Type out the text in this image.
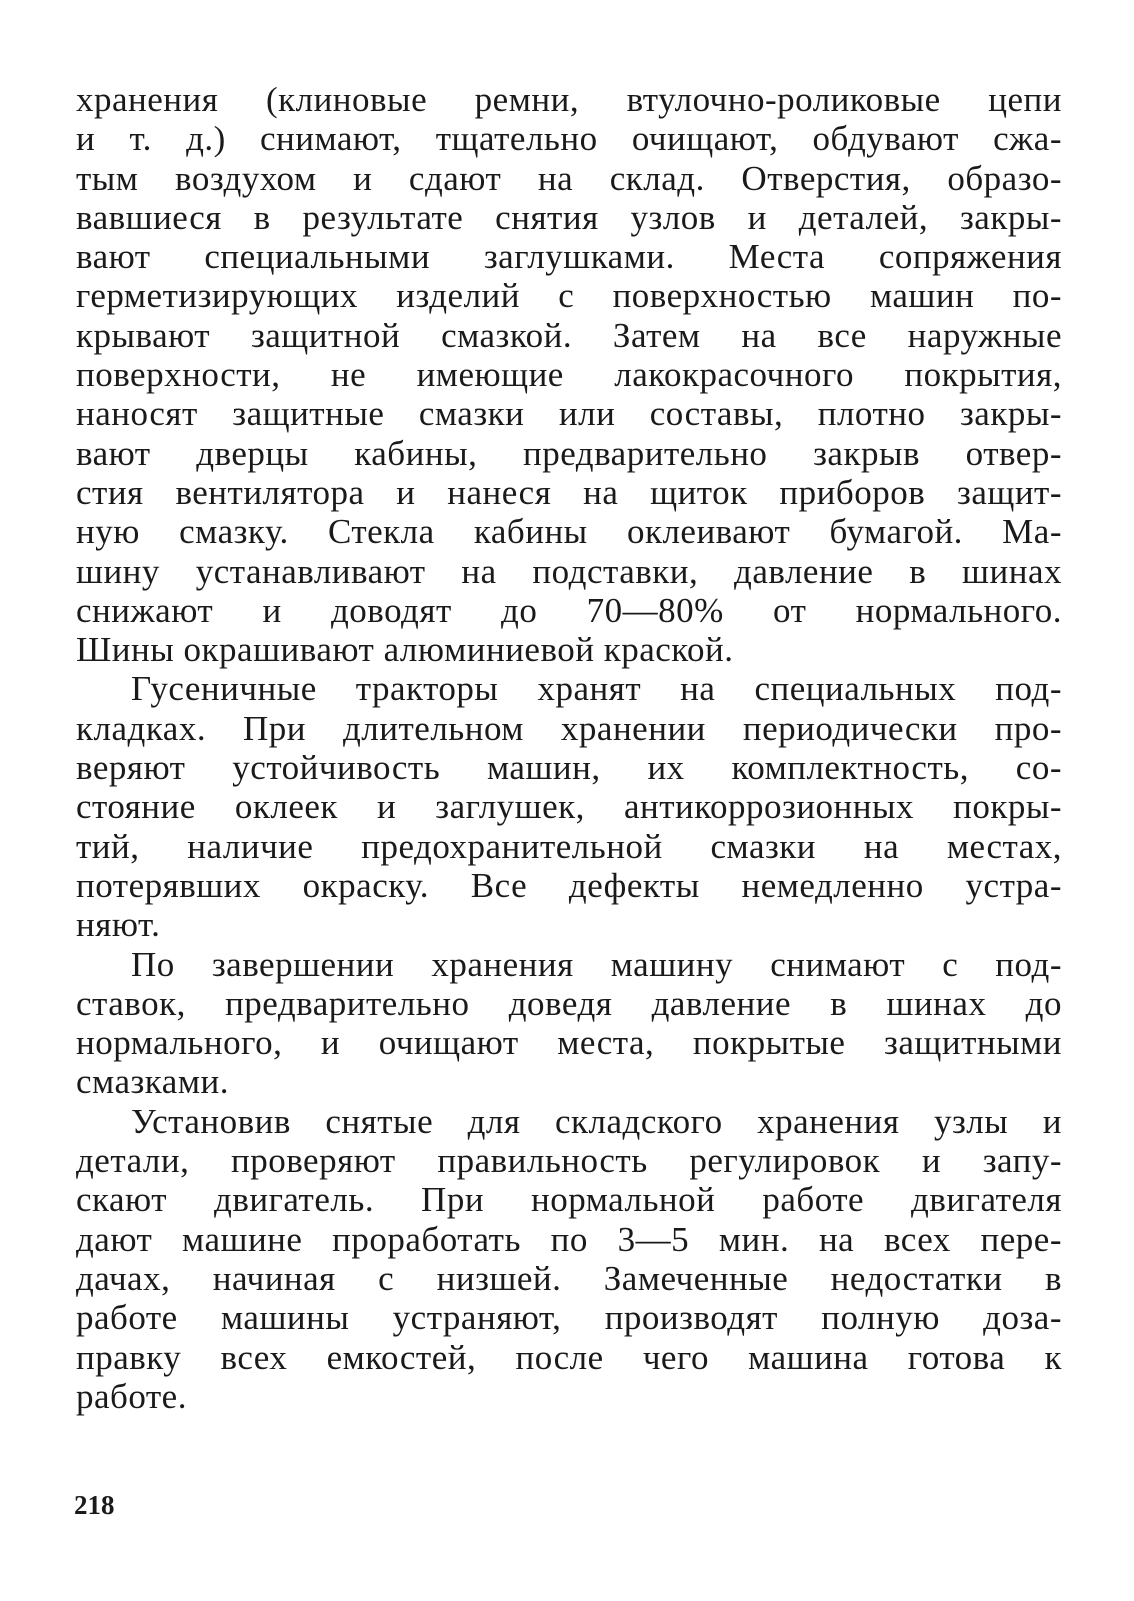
хранения (клиновые ремни, втулочно-роликовые цепи
и т. д.) снимают, тщательно очищают, обдувают сжа-
тым воздухом и сдают на склад. Отверстия, образо-
вавшиеся в результате снятия узлов и деталей, закры-
вают специальными заглушками. Места сопряжения
герметизирующих изделий с поверхностью машин по-
крывают защитной смазкой. Затем на все наружные
поверхности, не имеющие лакокрасочного покрытия,
наносят защитные смазки или составы, плотно закры-
вают дверцы кабины, предварительно закрыв отвер-
стия вентилятора и нанеся на щиток приборов защит-
ную смазку. Стекла кабины оклеивают бумагой. Ма-
шину устанавливают на подставки, давление в шинах
снижают и доводят до 70—80% от нормального.
Шины окрашивают алюминиевой краской.
Гусеничные тракторы хранят на специальных под-
кладках. При длительном хранении периодически про-
веряют устойчивость машин, их комплектность, со-
стояние оклеек и заглушек, антикоррозионных покры-
тий, наличие предохранительной смазки на местах,
потерявших окраску. Все дефекты немедленно устра-
няют.
По завершении хранения машину снимают с под-
ставок, предварительно доведя давление в шинах до
нормального, и очищают места, покрытые защитными
смазками.
Установив снятые для складского хранения узлы и
детали, проверяют правильность регулировок и запу-
скают двигатель. При нормальной работе двигателя
дают машине проработать по 3—5 мин. на всех пере-
дачах, начиная с низшей. Замеченные недостатки в
работе машины устраняют, производят полную доза-
правку всех емкостей, после чего машина готова к
работе.
218
